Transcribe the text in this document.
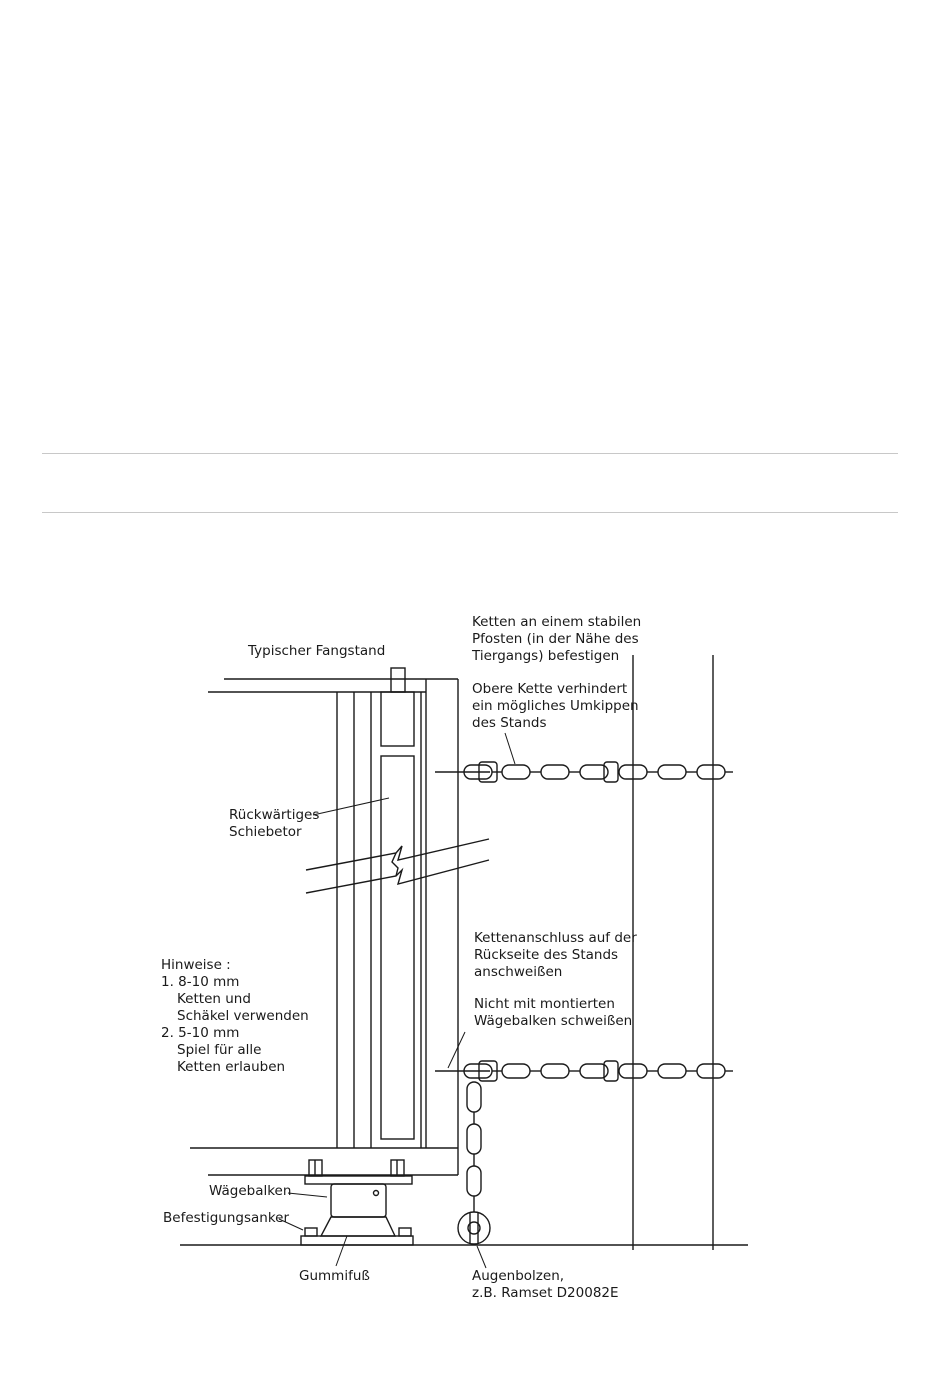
Typischer Fangstand
Ketten an einem stabilen
Pfosten (in der Nähe des
Tiergangs) befestigen
Obere Kette verhindert
ein mögliches Umkippen
des Stands
Rückwärtiges
Schiebetor
Kettenanschluss auf der
Rückseite des Stands
anschweißen
Nicht mit montierten
Wägebalken schweißen
Hinweise :
1. 8-10 mm
Ketten und
Schäkel verwenden
2. 5-10 mm
Spiel für alle
Ketten erlauben
Wägebalken
Befestigungsanker
Gummifuß	Augenbolzen,
z.B. Ramset D20082E
